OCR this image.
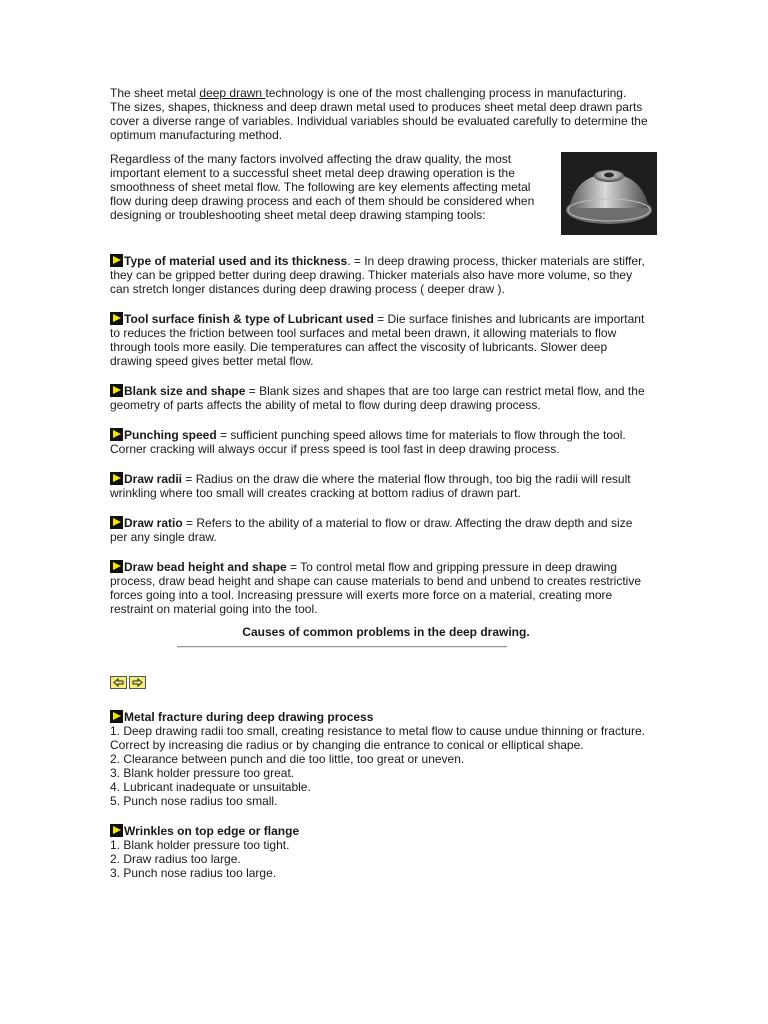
The sheet metal deep drawn technology is one of the most challenging process in manufacturing. The sizes, shapes, thickness and deep drawn metal used to produces sheet metal deep drawn parts cover a diverse range of variables. Individual variables should be evaluated carefully to determine the optimum manufacturing method.

Regardless of the many factors involved affecting the draw quality, the most important element to a successful sheet metal deep drawing operation is the smoothness of sheet metal flow. The following are key elements affecting metal flow during deep drawing process and each of them should be considered when designing or troubleshooting sheet metal deep drawing stamping tools:

Type of material used and its thickness. = In deep drawing process, thicker materials are stiffer, they can be gripped better during deep drawing. Thicker materials also have more volume, so they can stretch longer distances during deep drawing process ( deeper draw ).
Tool surface finish & type of Lubricant used = Die surface finishes and lubricants are important to reduces the friction between tool surfaces and metal been drawn, it allowing materials to flow through tools more easily. Die temperatures can affect the viscosity of lubricants. Slower deep drawing speed gives better metal flow.
Blank size and shape = Blank sizes and shapes that are too large can restrict metal flow, and the geometry of parts affects the ability of metal to flow during deep drawing process.
Punching speed = sufficient punching speed allows time for materials to flow through the tool. Corner cracking will always occur if press speed is tool fast in deep drawing process.
Draw radii = Radius on the draw die where the material flow through, too big the radii will result wrinkling where too small will creates cracking at bottom radius of drawn part.
Draw ratio = Refers to the ability of a material to flow or draw. Affecting the draw depth and size per any single draw.
Draw bead height and shape = To control metal flow and gripping pressure in deep drawing process, draw bead height and shape can cause materials to bend and unbend to creates restrictive forces going into a tool. Increasing pressure will exerts more force on a material, creating more restraint on material going into the tool.

Causes of common problems in the deep drawing.

Metal fracture during deep drawing process
1. Deep drawing radii too small, creating resistance to metal flow to cause undue thinning or fracture. Correct by increasing die radius or by changing die entrance to conical or elliptical shape.
2. Clearance between punch and die too little, too great or uneven.
3. Blank holder pressure too great.
4. Lubricant inadequate or unsuitable.
5. Punch nose radius too small.
Wrinkles on top edge or flange
1. Blank holder pressure too tight.
2. Draw radius too large.
3. Punch nose radius too large.
